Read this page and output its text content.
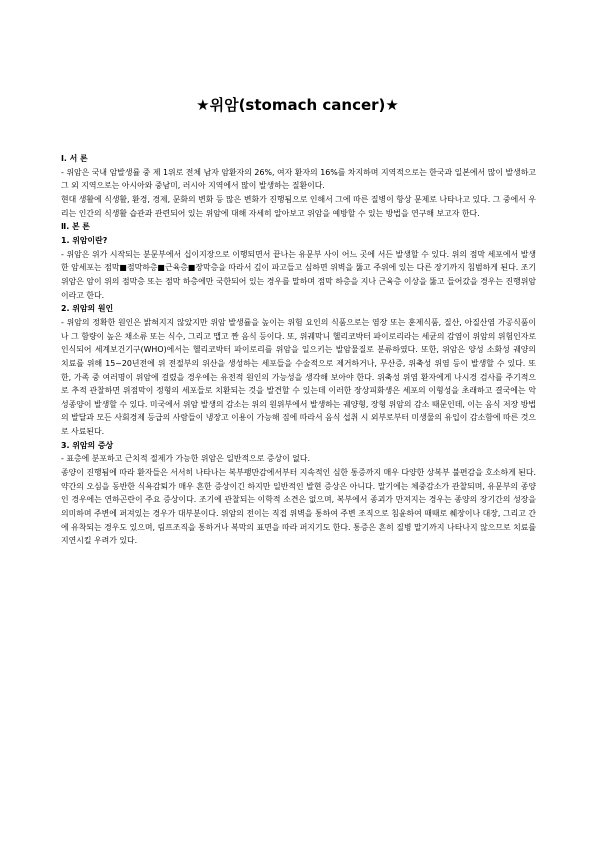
★위암(stomach cancer)★

Ⅰ. 서 론

- 위암은 국내 암발생률 중 제 1위로 전체 남자 암환자의 26%, 여자 환자의 16%를 차지하며 지역적으로는 한국과 일본에서 많이 발생하고 그 외 지역으로는 아시아와 중남미, 러시아 지역에서 많이 발생하는 질환이다.

현대 생활에 식생활, 환경, 경제, 문화의 변화 등 많은 변화가 진행됨으로 인해서 그에 따른 질병이 항상 문제로 나타나고 있다. 그 중에서 우리는 인간의 식생활 습관과 관련되어 있는 위암에 대해 자세히 알아보고 위암을 예방할 수 있는 방법을 연구해 보고자 한다.

Ⅱ. 본 론

1. 위암이란?

- 위암은 위가 시작되는 분문부에서 십이지장으로 이행되면서 끝나는 유문부 사이 어느 곳에 서든 발생할 수 있다. 위의 점막 세포에서 발생한 암세포는 점막■점막하층■근육층■장막층을 따라서 깊이 파고들고 심하면 위벽을 뚫고 주위에 있는 다른 장기까지 침범하게 된다. 조기위암은 암이 위의 점막층 또는 점막 하층에만 국한되어 있는 경우를 말하며 점막 하층을 지나 근육층 이상을 뚫고 들어갔을 경우는 진행위암이라고 한다.

2. 위암의 원인

- 위암의 정확한 원인은 밝혀지지 않았지만 위암 발생률을 높이는 위험 요인의 식품으로는 염장 또는 훈제식품, 질산, 아질산염 가공식품이나 그 함량이 높은 채소류 또는 식수, 그리고 맵고 짠 음식 등이다. 또, 위궤막니 헬리코박터 파이로리라는 세균의 감염이 위암의 위험인자로 인식되어 세계보건기구(WHO)에서는 헬리코박터 파이로리를 위암을 일으키는 발암물질로 분류하였다. 또한, 위암은 양성 소화성 궤양의 치료를 위해 15~20년전에 위 전절부의 위산을 생성하는 세포들을 수술적으로 제거하거나, 무산증, 위축성 위염 등이 발생할 수 있다. 또한, 가족 중 여러명이 위암에 걸렸을 경우에는 유전적 원인의 가능성을 생각해 보아야 한다. 위축성 위염 환자에게 나시경 검사를 주기적으로 추적 관찰하면 위점막이 정형의 세포들로 치환되는 것을 발견할 수 있는데 이러한 장상피화생은 세포의 이형성을 초래하고 결국에는 악성종양이 발생할 수 있다. 미국에서 위암 발생의 감소는 위의 원위부에서 발생하는 궤양형, 장형 위암의 감소 때문인데, 이는 음식 저장 방법의 발달과 모든 사회경제 등급의 사람들이 냉장고 이용이 가능해 짐에 따라서 음식 섭취 시 외부로부터 미생물의 유입이 감소함에 따른 것으로 사료된다.

3. 위암의 증상

- 표층에 분포하고 근치적 절제가 가능한 위암은 일반적으로 증상이 없다.

종양이 진행됨에 따라 환자들은 서서히 나타나는 복부팽만감에서부터 지속적인 심한 통증까지 매우 다양한 상복부 불편감을 호소하게 된다. 약간의 오심을 동반한 식욕감퇴가 매우 흔한 증상이긴 하지만 일반적인 발현 증상은 아니다. 말기에는 체중감소가 관찰되며, 유문부의 종양인 경우에는 연하곤란이 주요 증상이다. 조기에 관찰되는 이학적 소견은 없으며, 복부에서 종괴가 만져지는 경우는 종양의 장기간의 성장을 의미하며 주변에 퍼져있는 경우가 대부분이다. 위암의 전이는 직접 위벽을 통하여 주변 조직으로 침윤하여 때때로 췌장이나 대장, 그리고 간에 유착되는 경우도 있으며, 림프조직을 통하거나 복막의 표면을 따라 퍼지기도 한다. 통증은 흔히 질병 말기까지 나타나지 않으므로 치료를 지연시킬 우려가 있다.
